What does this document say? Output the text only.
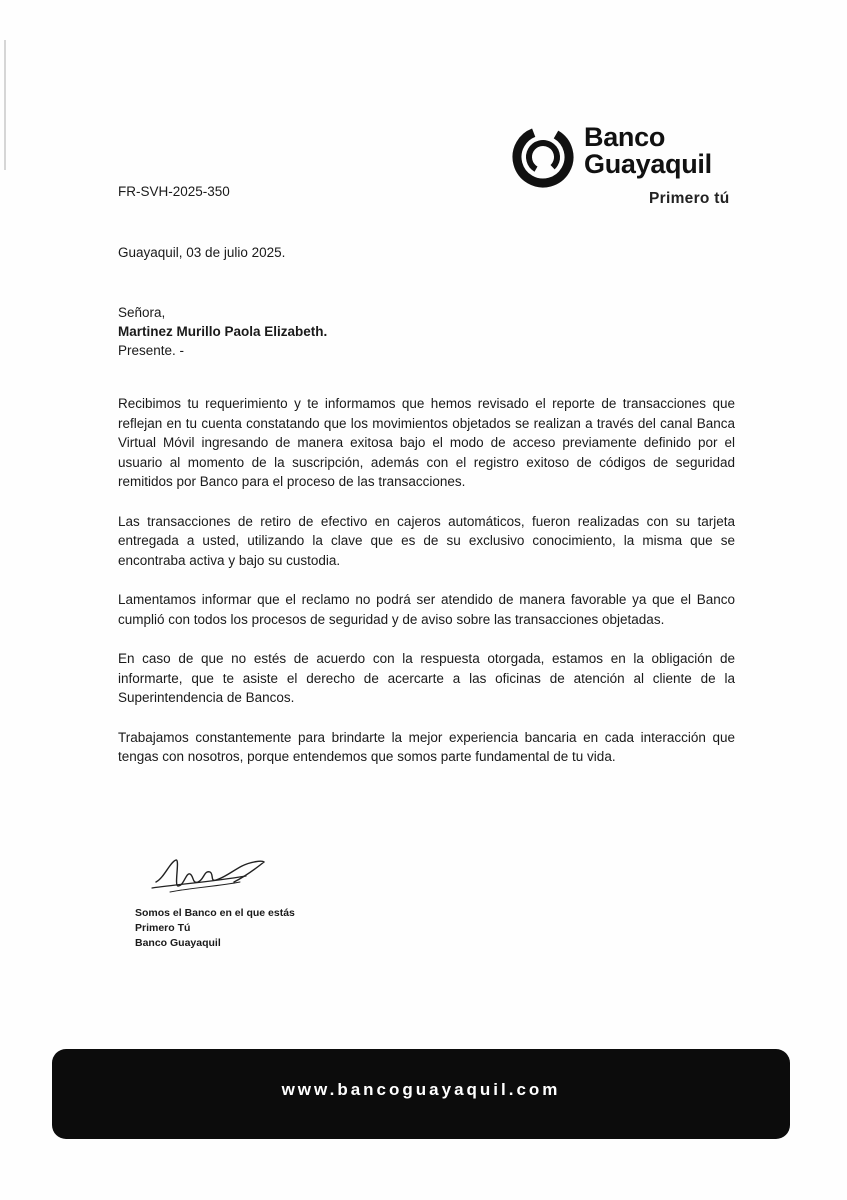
Banco
Guayaquil
Primero tú
FR-SVH-2025-350
Guayaquil, 03 de julio 2025.
Señora,
Martinez Murillo Paola Elizabeth.
Presente. -

Recibimos tu requerimiento y te informamos que hemos revisado el reporte de transacciones que reflejan en tu cuenta constatando que los movimientos objetados se realizan a través del canal Banca Virtual Móvil ingresando de manera exitosa bajo el modo de acceso previamente definido por el usuario al momento de la suscripción, además con el registro exitoso de códigos de seguridad remitidos por Banco para el proceso de las transacciones.

Las transacciones de retiro de efectivo en cajeros automáticos, fueron realizadas con su tarjeta entregada a usted, utilizando la clave que es de su exclusivo conocimiento, la misma que se encontraba activa y bajo su custodia.

Lamentamos informar que el reclamo no podrá ser atendido de manera favorable ya que el Banco cumplió con todos los procesos de seguridad y de aviso sobre las transacciones objetadas.

En caso de que no estés de acuerdo con la respuesta otorgada, estamos en la obligación de informarte, que te asiste el derecho de acercarte a las oficinas de atención al cliente de la Superintendencia de Bancos.

Trabajamos constantemente para brindarte la mejor experiencia bancaria en cada interacción que tengas con nosotros, porque entendemos que somos parte fundamental de tu vida.

Somos el Banco en el que estás
Primero Tú
Banco Guayaquil
www.bancoguayaquil.com
